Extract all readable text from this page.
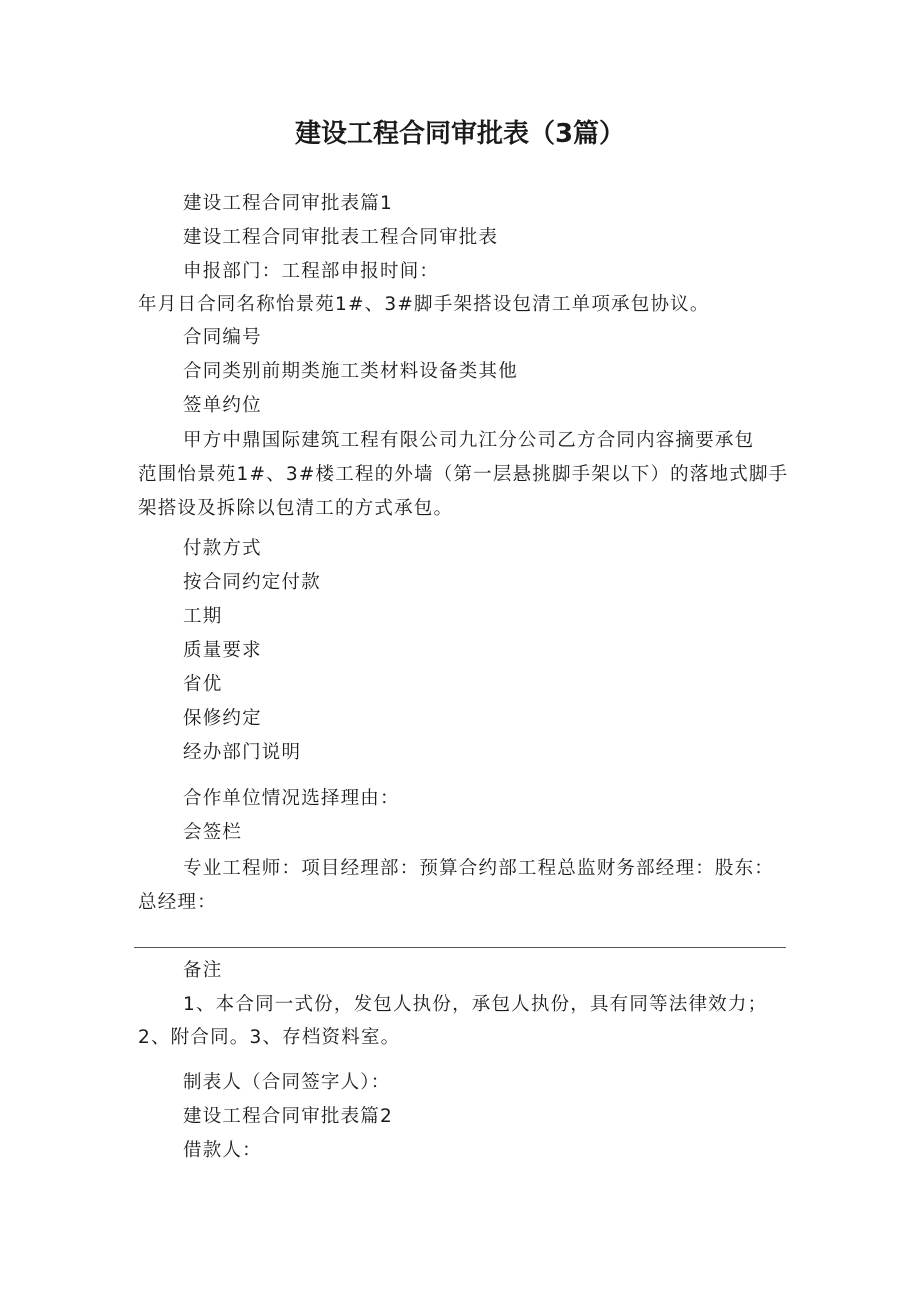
建设工程合同审批表（3篇）
建设工程合同审批表篇1
建设工程合同审批表工程合同审批表
申报部门：工程部申报时间：
年月日合同名称怡景苑1#、3#脚手架搭设包清工单项承包协议。
合同编号
合同类别前期类施工类材料设备类其他
签单约位
甲方中鼎国际建筑工程有限公司九江分公司乙方合同内容摘要承包
范围怡景苑1#、3#楼工程的外墙（第一层悬挑脚手架以下）的落地式脚手
架搭设及拆除以包清工的方式承包。
付款方式
按合同约定付款
工期
质量要求
省优
保修约定
经办部门说明
合作单位情况选择理由：
会签栏
专业工程师：项目经理部：预算合约部工程总监财务部经理：股东：
总经理：
备注
1、本合同一式份，发包人执份，承包人执份，具有同等法律效力；
2、附合同。3、存档资料室。
制表人（合同签字人）：
建设工程合同审批表篇2
借款人：
